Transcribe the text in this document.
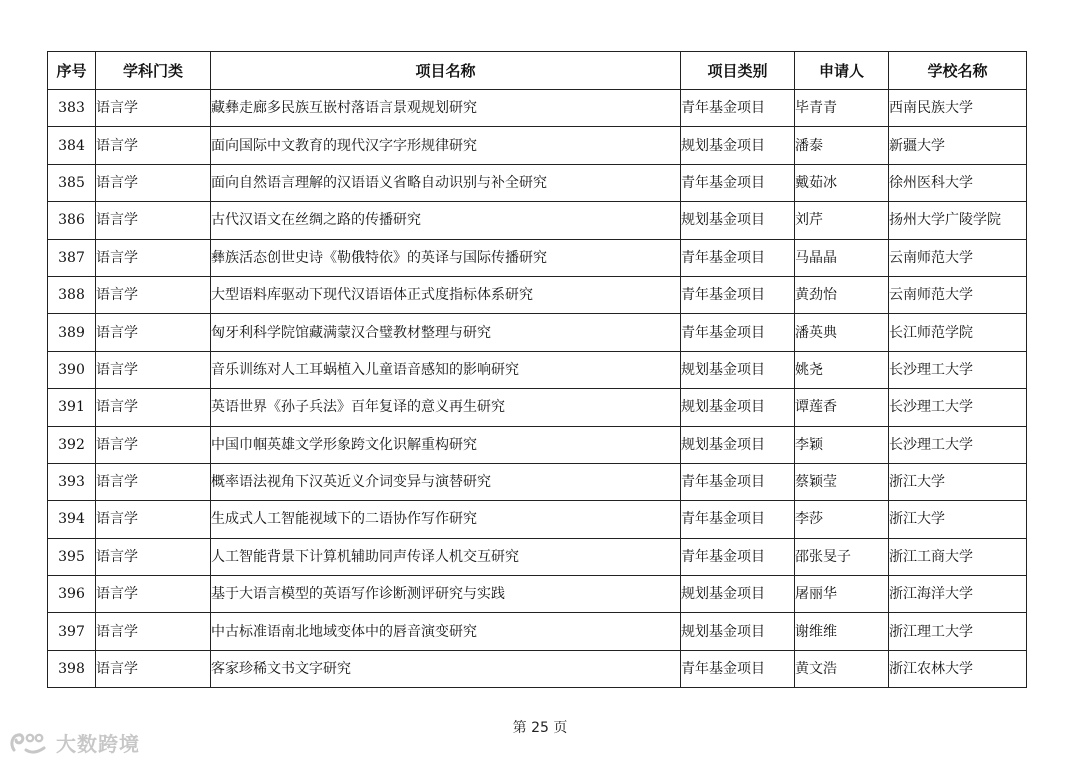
序号	学科门类	项目名称	项目类别	申请人	学校名称
383	语言学	藏彝走廊多民族互嵌村落语言景观规划研究	青年基金项目	毕青青	西南民族大学
384	语言学	面向国际中文教育的现代汉字字形规律研究	规划基金项目	潘泰	新疆大学
385	语言学	面向自然语言理解的汉语语义省略自动识别与补全研究	青年基金项目	戴茹冰	徐州医科大学
386	语言学	古代汉语文在丝绸之路的传播研究	规划基金项目	刘芹	扬州大学广陵学院
387	语言学	彝族活态创世史诗《勒俄特依》的英译与国际传播研究	青年基金项目	马晶晶	云南师范大学
388	语言学	大型语料库驱动下现代汉语语体正式度指标体系研究	青年基金项目	黄劲怡	云南师范大学
389	语言学	匈牙利科学院馆藏满蒙汉合璧教材整理与研究	青年基金项目	潘英典	长江师范学院
390	语言学	音乐训练对人工耳蜗植入儿童语音感知的影响研究	规划基金项目	姚尧	长沙理工大学
391	语言学	英语世界《孙子兵法》百年复译的意义再生研究	规划基金项目	谭莲香	长沙理工大学
392	语言学	中国巾帼英雄文学形象跨文化识解重构研究	规划基金项目	李颖	长沙理工大学
393	语言学	概率语法视角下汉英近义介词变异与演替研究	青年基金项目	蔡颖莹	浙江大学
394	语言学	生成式人工智能视域下的二语协作写作研究	青年基金项目	李莎	浙江大学
395	语言学	人工智能背景下计算机辅助同声传译人机交互研究	青年基金项目	邵张旻子	浙江工商大学
396	语言学	基于大语言模型的英语写作诊断测评研究与实践	规划基金项目	屠丽华	浙江海洋大学
397	语言学	中古标准语南北地域变体中的唇音演变研究	规划基金项目	谢维维	浙江理工大学
398	语言学	客家珍稀文书文字研究	青年基金项目	黄文浩	浙江农林大学
第 25 页
大数跨境
